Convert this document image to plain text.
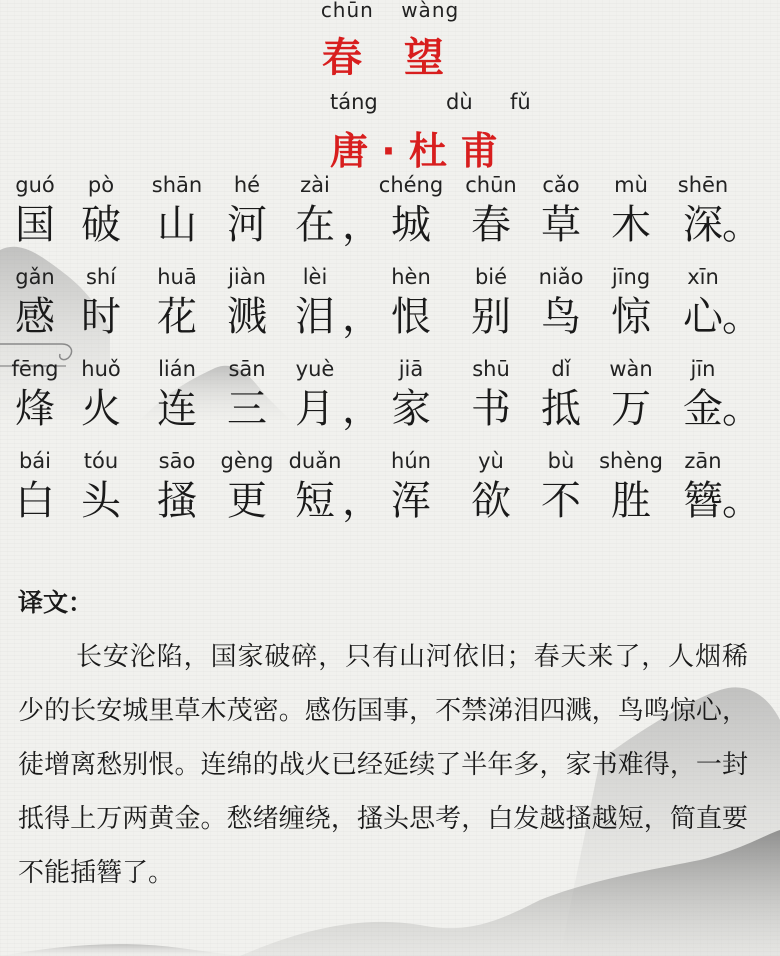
chūn wàng
春 望
táng	dù fǔ
唐 · 杜 甫
guó
国
pò
破
shān
山
hé
河
zài
在
chéng
城
chūn
春
cǎo
草
mù
木
shēn
深
，	。
gǎn
感
shí
时
huā
花
jiàn
溅
lèi
泪
hèn
恨
bié
别
niǎo
鸟
jīng
惊
xīn
心
，	。
fēng
烽
huǒ
火
lián
连
sān
三
yuè
月
jiā
家
shū
书
dǐ
抵
wàn
万
jīn
金
，	。
bái
白
tóu
头
sāo
搔
gèng
更
duǎn
短
hún
浑
yù
欲
bù
不
shèng
胜
zān
簪
，	。
译文：
长安沦陷，国家破碎，只有山河依旧；春天来了，人烟稀少的长安城里草木茂密。感伤国事，不禁涕泪四溅，鸟鸣惊心，徒增离愁别恨。连绵的战火已经延续了半年多，家书难得，一封抵得上万两黄金。愁绪缠绕，搔头思考，白发越搔越短，简直要不能插簪了。
